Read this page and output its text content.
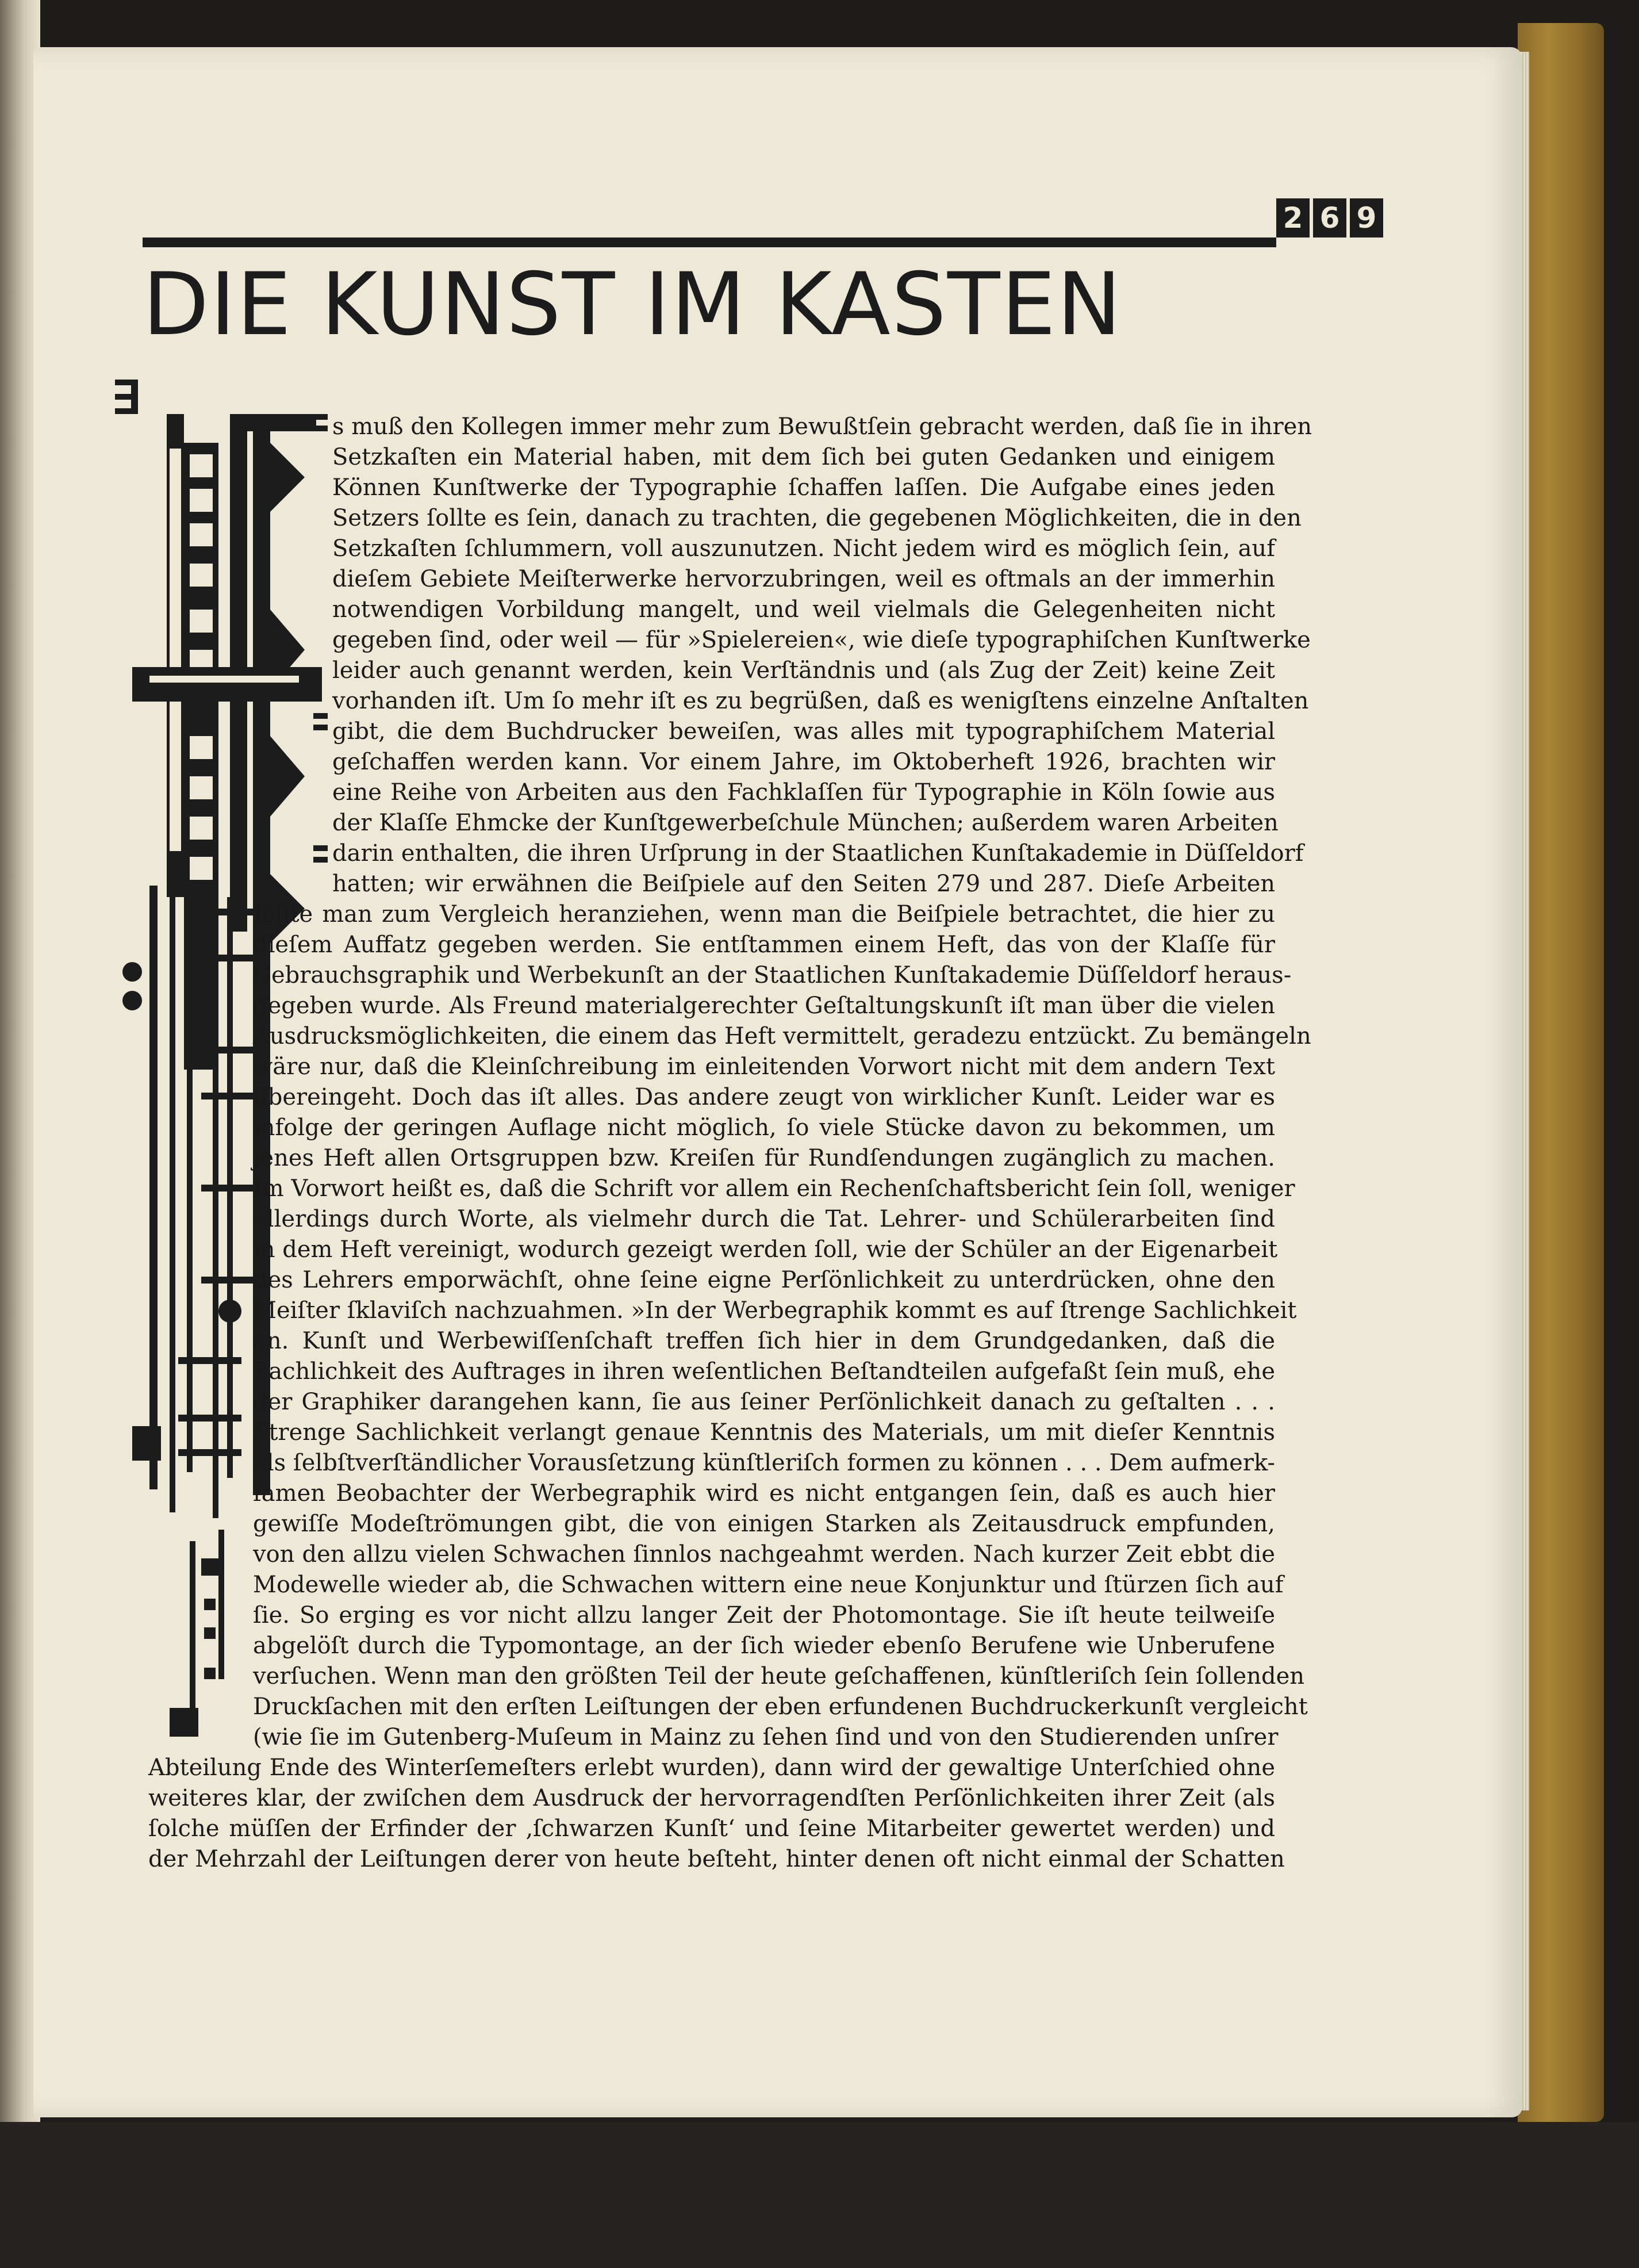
2 6 9
DIE KUNST IM KASTEN
s muß den Kollegen immer mehr zum Bewußtſein gebracht werden, daß ſie in ihren
Setzkaſten ein Material haben, mit dem ſich bei guten Gedanken und einigem
Können Kunſtwerke der Typographie ſchaffen laſſen. Die Aufgabe eines jeden
Setzers ſollte es ſein, danach zu trachten, die gegebenen Möglichkeiten, die in den
Setzkaſten ſchlummern, voll auszunutzen. Nicht jedem wird es möglich ſein, auf
dieſem Gebiete Meiſterwerke hervorzubringen, weil es oftmals an der immerhin
notwendigen Vorbildung mangelt, und weil vielmals die Gelegenheiten nicht
gegeben ſind, oder weil — für »Spielereien«, wie dieſe typographiſchen Kunſtwerke
leider auch genannt werden, kein Verſtändnis und (als Zug der Zeit) keine Zeit
vorhanden iſt. Um ſo mehr iſt es zu begrüßen, daß es wenigſtens einzelne Anſtalten
gibt, die dem Buchdrucker beweiſen, was alles mit typographiſchem Material
geſchaffen werden kann. Vor einem Jahre, im Oktoberheft 1926, brachten wir
eine Reihe von Arbeiten aus den Fachklaſſen für Typographie in Köln ſowie aus
der Klaſſe Ehmcke der Kunſtgewerbeſchule München; außerdem waren Arbeiten
darin enthalten, die ihren Urſprung in der Staatlichen Kunſtakademie in Düſſeldorf
hatten; wir erwähnen die Beiſpiele auf den Seiten 279 und 287. Dieſe Arbeiten
ſollte man zum Vergleich heranziehen, wenn man die Beiſpiele betrachtet, die hier zu
dieſem Auffatz gegeben werden. Sie entſtammen einem Heft, das von der Klaſſe für
Gebrauchsgraphik und Werbekunſt an der Staatlichen Kunſtakademie Düſſeldorf heraus-
gegeben wurde. Als Freund materialgerechter Geſtaltungskunſt iſt man über die vielen
Ausdrucksmöglichkeiten, die einem das Heft vermittelt, geradezu entzückt. Zu bemängeln
wäre nur, daß die Kleinſchreibung im einleitenden Vorwort nicht mit dem andern Text
übereingeht. Doch das iſt alles. Das andere zeugt von wirklicher Kunſt. Leider war es
infolge der geringen Auflage nicht möglich, ſo viele Stücke davon zu bekommen, um
jenes Heft allen Ortsgruppen bzw. Kreiſen für Rundſendungen zugänglich zu machen.
Im Vorwort heißt es, daß die Schrift vor allem ein Rechenſchaftsbericht ſein ſoll, weniger
allerdings durch Worte, als vielmehr durch die Tat. Lehrer- und Schülerarbeiten ſind
in dem Heft vereinigt, wodurch gezeigt werden ſoll, wie der Schüler an der Eigenarbeit
des Lehrers emporwächſt, ohne ſeine eigne Perſönlichkeit zu unterdrücken, ohne den
Meiſter ſklaviſch nachzuahmen. »In der Werbegraphik kommt es auf ſtrenge Sachlichkeit
an. Kunſt und Werbewiſſenſchaft treffen ſich hier in dem Grundgedanken, daß die
Sachlichkeit des Auftrages in ihren weſentlichen Beſtandteilen aufgefaßt ſein muß, ehe
der Graphiker darangehen kann, ſie aus ſeiner Perſönlichkeit danach zu geſtalten . . .
Strenge Sachlichkeit verlangt genaue Kenntnis des Materials, um mit dieſer Kenntnis
als ſelbſtverſtändlicher Vorausſetzung künſtleriſch formen zu können . . . Dem aufmerk-
ſamen Beobachter der Werbegraphik wird es nicht entgangen ſein, daß es auch hier
gewiſſe Modeſtrömungen gibt, die von einigen Starken als Zeitausdruck empfunden,
von den allzu vielen Schwachen ſinnlos nachgeahmt werden. Nach kurzer Zeit ebbt die
Modewelle wieder ab, die Schwachen wittern eine neue Konjunktur und ſtürzen ſich auf
ſie. So erging es vor nicht allzu langer Zeit der Photomontage. Sie iſt heute teilweiſe
abgelöſt durch die Typomontage, an der ſich wieder ebenſo Berufene wie Unberufene
verſuchen. Wenn man den größten Teil der heute geſchaffenen, künſtleriſch ſein ſollenden
Druckſachen mit den erſten Leiſtungen der eben erfundenen Buchdruckerkunſt vergleicht
(wie ſie im Gutenberg-Muſeum in Mainz zu ſehen ſind und von den Studierenden unſrer
Abteilung Ende des Winterſemeſters erlebt wurden), dann wird der gewaltige Unterſchied ohne
weiteres klar, der zwiſchen dem Ausdruck der hervorragendſten Perſönlichkeiten ihrer Zeit (als
ſolche müſſen der Erfinder der ‚ſchwarzen Kunſt‘ und ſeine Mitarbeiter gewertet werden) und
der Mehrzahl der Leiſtungen derer von heute beſteht, hinter denen oft nicht einmal der Schatten
